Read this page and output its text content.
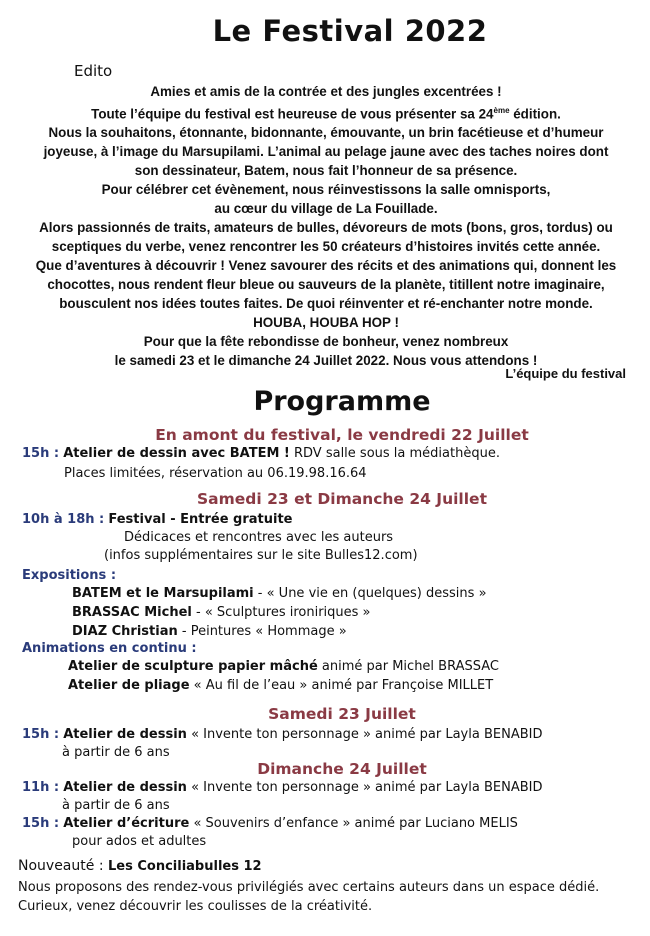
Le Festival 2022
Edito

Amies et amis de la contrée et des jungles excentrées !

Toute l’équipe du festival est heureuse de vous présenter sa 24ème édition.

Nous la souhaitons, étonnante, bidonnante, émouvante, un brin facétieuse et d’humeur

joyeuse, à l’image du Marsupilami. L’animal au pelage jaune avec des taches noires dont

son dessinateur, Batem, nous fait l’honneur de sa présence.

Pour célébrer cet évènement, nous réinvestissons la salle omnisports,

au cœur du village de La Fouillade.

Alors passionnés de traits, amateurs de bulles, dévoreurs de mots (bons, gros, tordus) ou

sceptiques du verbe, venez rencontrer les 50 créateurs d’histoires invités cette année.

Que d’aventures à découvrir ! Venez savourer des récits et des animations qui, donnent les

chocottes, nous rendent fleur bleue ou sauveurs de la planète, titillent notre imaginaire,

bousculent nos idées toutes faites. De quoi réinventer et ré-enchanter notre monde.

HOUBA, HOUBA HOP !

Pour que la fête rebondisse de bonheur, venez nombreux

le samedi 23 et le dimanche 24 Juillet 2022. Nous vous attendons !

L’équipe du festival
Programme
En amont du festival, le vendredi 22 Juillet
15h : Atelier de dessin avec BATEM ! RDV salle sous la médiathèque.
Places limitées, réservation au 06.19.98.16.64
Samedi 23 et Dimanche 24 Juillet
10h à 18h : Festival - Entrée gratuite
Dédicaces et rencontres avec les auteurs
(infos supplémentaires sur le site Bulles12.com)
Expositions :
BATEM et le Marsupilami - « Une vie en (quelques) dessins »
BRASSAC Michel - « Sculptures ironiriques »
DIAZ Christian - Peintures « Hommage »
Animations en continu :
Atelier de sculpture papier mâché animé par Michel BRASSAC
Atelier de pliage « Au fil de l’eau » animé par Françoise MILLET
Samedi 23 Juillet
15h : Atelier de dessin « Invente ton personnage » animé par Layla BENABID
à partir de 6 ans
Dimanche 24 Juillet
11h : Atelier de dessin « Invente ton personnage » animé par Layla BENABID
à partir de 6 ans
15h : Atelier d’écriture « Souvenirs d’enfance » animé par Luciano MELIS
pour ados et adultes
Nouveauté : Les Conciliabulles 12
Nous proposons des rendez-vous privilégiés avec certains auteurs dans un espace dédié. Curieux, venez découvrir les coulisses de la créativité.
